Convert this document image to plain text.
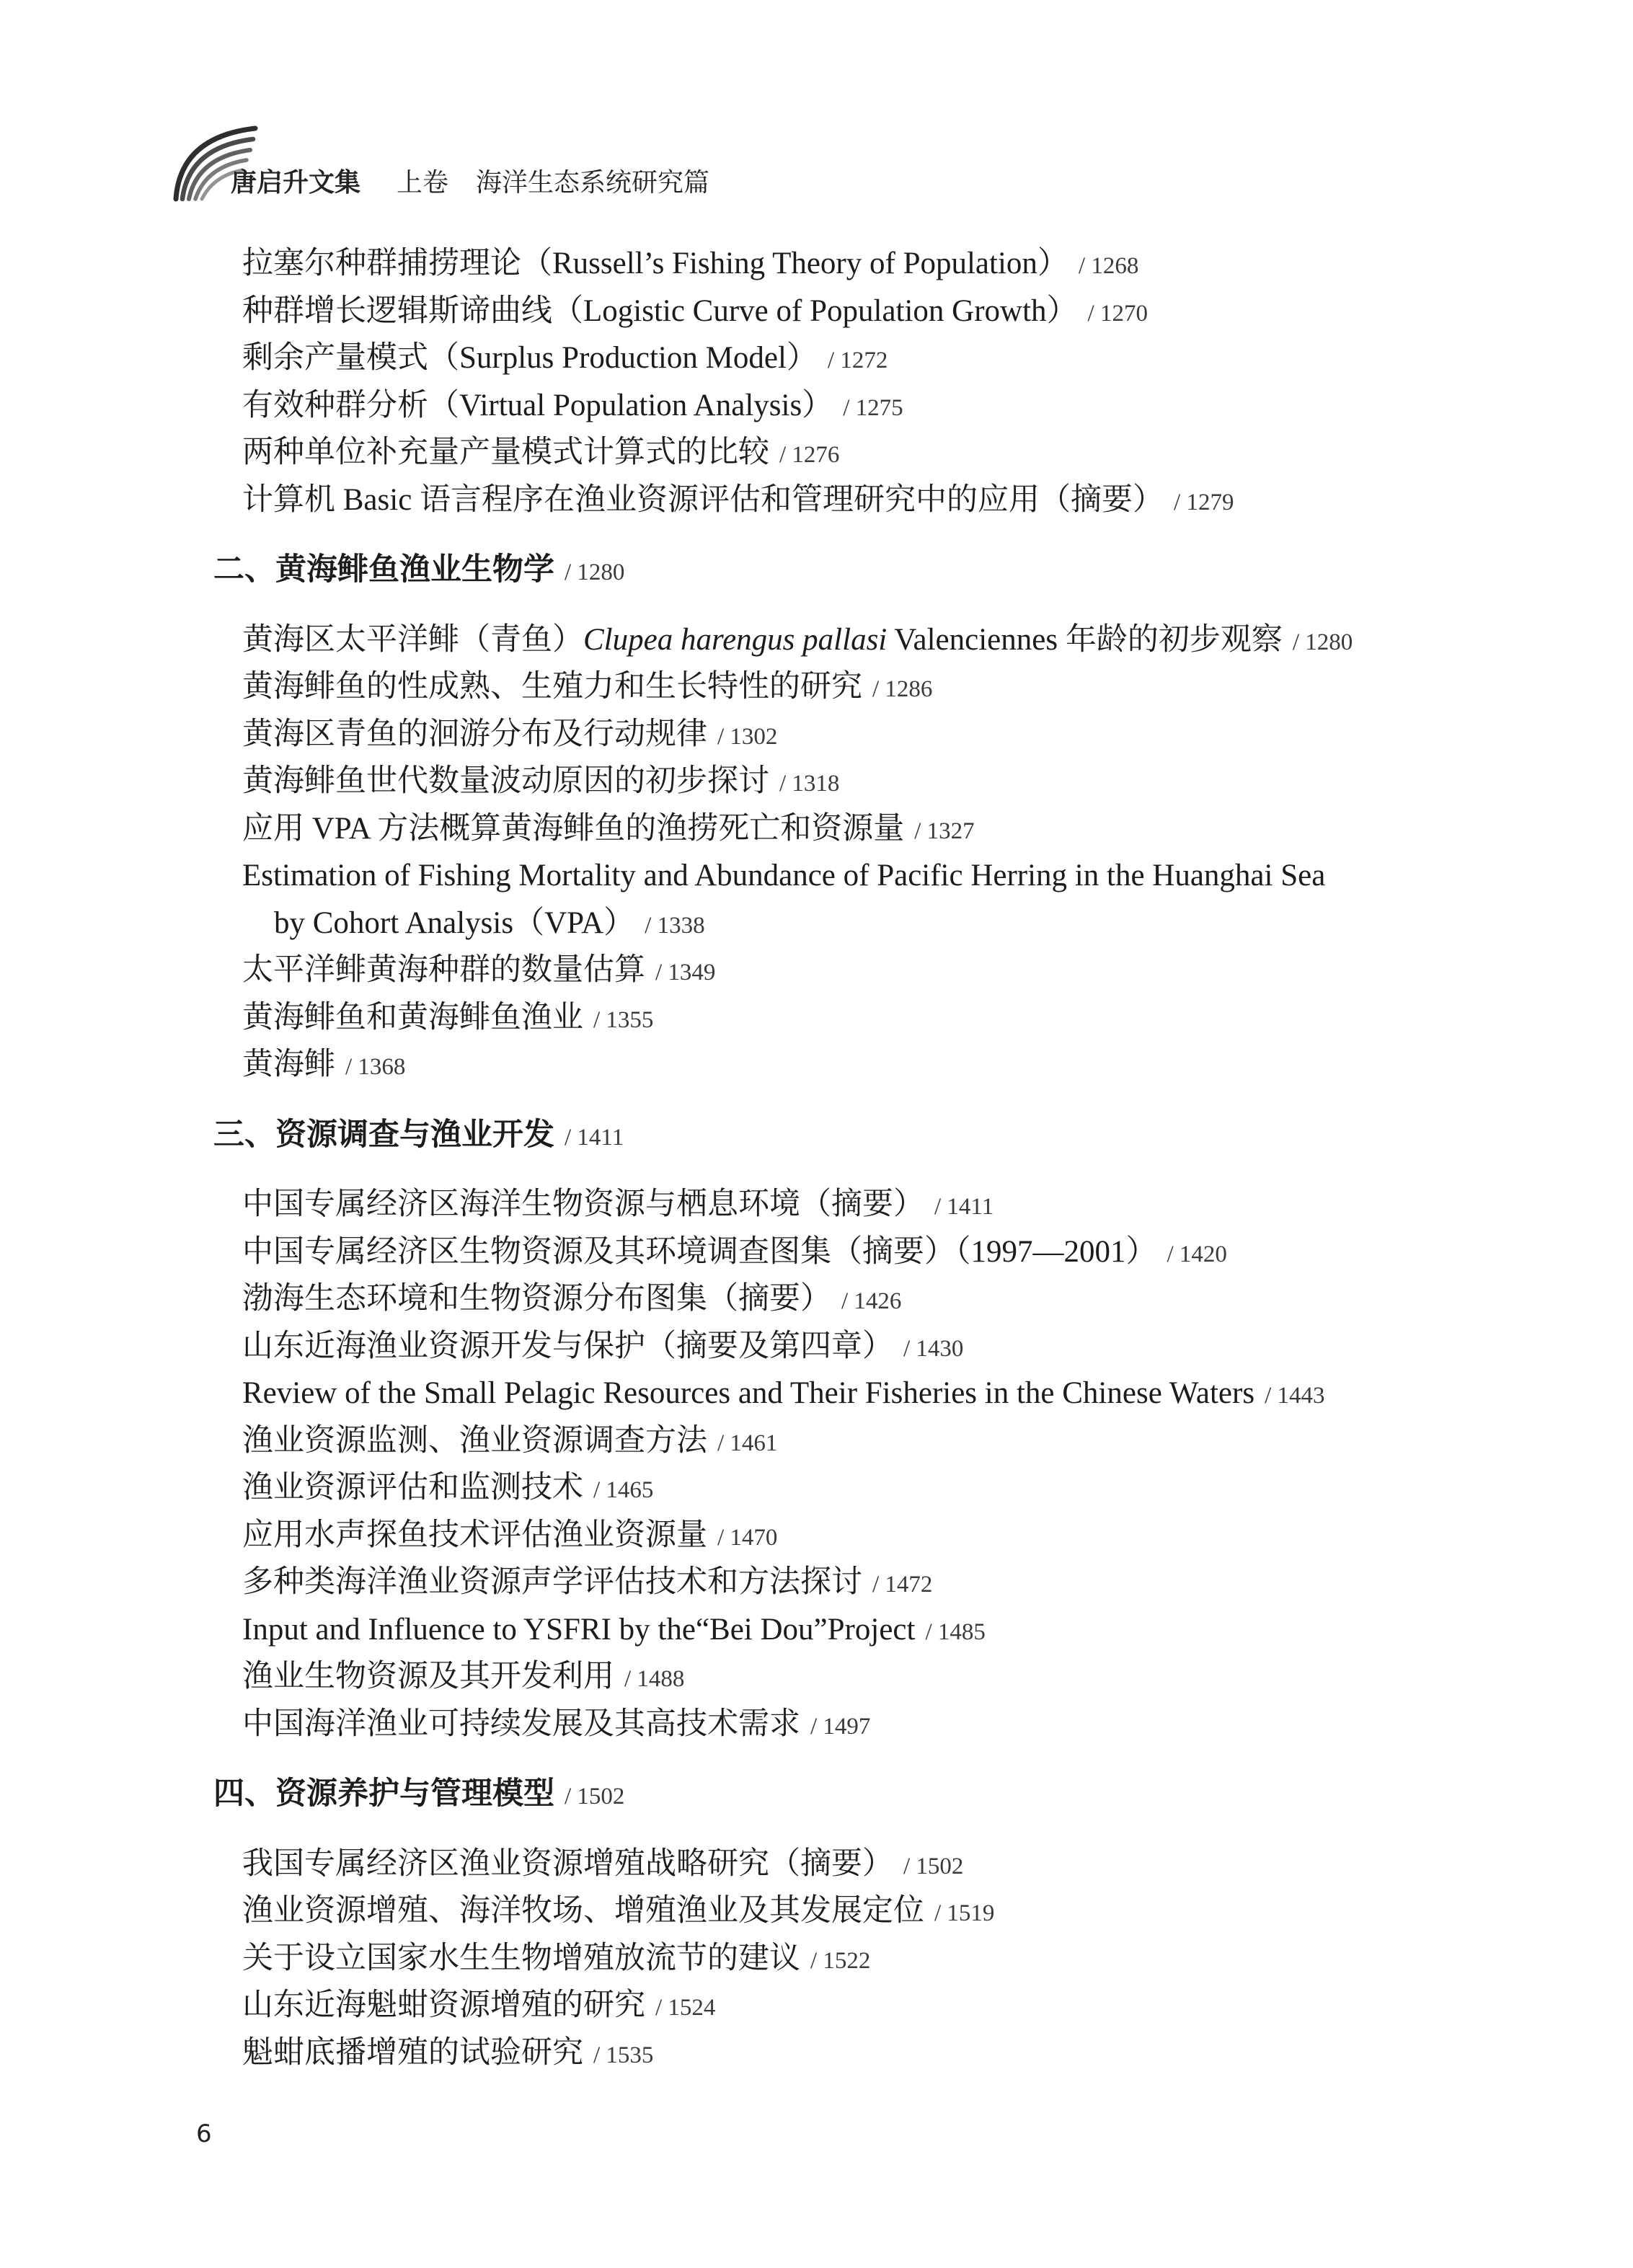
唐启升文集 上卷 海洋生态系统研究篇
拉塞尔种群捕捞理论（Russell’s Fishing Theory of Population） / 1268
种群增长逻辑斯谛曲线（Logistic Curve of Population Growth） / 1270
剩余产量模式（Surplus Production Model） / 1272
有效种群分析（Virtual Population Analysis） / 1275
两种单位补充量产量模式计算式的比较 / 1276
计算机 Basic 语言程序在渔业资源评估和管理研究中的应用（摘要） / 1279
二、黄海鲱鱼渔业生物学 / 1280
黄海区太平洋鲱（青鱼）Clupea harengus pallasi Valenciennes 年龄的初步观察 / 1280
黄海鲱鱼的性成熟、生殖力和生长特性的研究 / 1286
黄海区青鱼的洄游分布及行动规律 / 1302
黄海鲱鱼世代数量波动原因的初步探讨 / 1318
应用 VPA 方法概算黄海鲱鱼的渔捞死亡和资源量 / 1327
Estimation of Fishing Mortality and Abundance of Pacific Herring in the Huanghai Sea
by Cohort Analysis（VPA） / 1338
太平洋鲱黄海种群的数量估算 / 1349
黄海鲱鱼和黄海鲱鱼渔业 / 1355
黄海鲱 / 1368
三、资源调查与渔业开发 / 1411
中国专属经济区海洋生物资源与栖息环境（摘要） / 1411
中国专属经济区生物资源及其环境调查图集（摘要）（1997—2001） / 1420
渤海生态环境和生物资源分布图集（摘要） / 1426
山东近海渔业资源开发与保护（摘要及第四章） / 1430
Review of the Small Pelagic Resources and Their Fisheries in the Chinese Waters / 1443
渔业资源监测、渔业资源调查方法 / 1461
渔业资源评估和监测技术 / 1465
应用水声探鱼技术评估渔业资源量 / 1470
多种类海洋渔业资源声学评估技术和方法探讨 / 1472
Input and Influence to YSFRI by the“Bei Dou”Project / 1485
渔业生物资源及其开发利用 / 1488
中国海洋渔业可持续发展及其高技术需求 / 1497
四、资源养护与管理模型 / 1502
我国专属经济区渔业资源增殖战略研究（摘要） / 1502
渔业资源增殖、海洋牧场、增殖渔业及其发展定位 / 1519
关于设立国家水生生物增殖放流节的建议 / 1522
山东近海魁蚶资源增殖的研究 / 1524
魁蚶底播增殖的试验研究 / 1535
6
